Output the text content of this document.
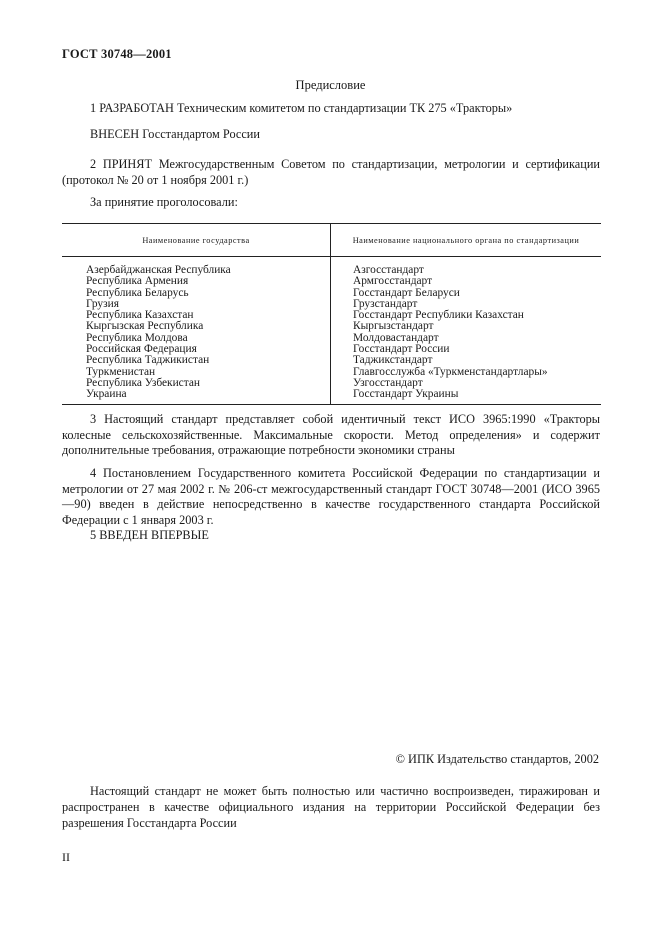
ГОСТ 30748—2001
Предисловие
1 РАЗРАБОТАН Техническим комитетом по стандартизации ТК 275 «Тракторы»
ВНЕСЕН Госстандартом России
2 ПРИНЯТ Межгосударственным Советом по стандартизации, метрологии и сертификации (протокол № 20 от 1 ноября 2001 г.)
За принятие проголосовали:
Наименование государства	Наименование национального органа по стандартизации

Азербайджанская Республика	Азгосстандарт
Республика Армения	Армгосстандарт
Республика Беларусь	Госстандарт Беларуси
Грузия	Грузстандарт
Республика Казахстан	Госстандарт Республики Казахстан
Кыргызская Республика	Кыргызстандарт
Республика Молдова	Молдовастандарт
Российская Федерация	Госстандарт России
Республика Таджикистан	Таджикстандарт
Туркменистан	Главгосслужба «Туркменстандартлары»
Республика Узбекистан	Узгосстандарт
Украина	Госстандарт Украины
3 Настоящий стандарт представляет собой идентичный текст ИСО 3965:1990 «Тракторы колесные сельскохозяйственные. Максимальные скорости. Метод определения» и содержит дополнительные требования, отражающие потребности экономики страны
4 Постановлением Государственного комитета Российской Федерации по стандартизации и метрологии от 27 мая 2002 г. № 206-ст межгосударственный стандарт ГОСТ 30748—2001 (ИСО 3965—90) введен в действие непосредственно в качестве государственного стандарта Российской Федерации с 1 января 2003 г.
5 ВВЕДЕН ВПЕРВЫЕ
© ИПК Издательство стандартов, 2002
Настоящий стандарт не может быть полностью или частично воспроизведен, тиражирован и распространен в качестве официального издания на территории Российской Федерации без разрешения Госстандарта России
II
